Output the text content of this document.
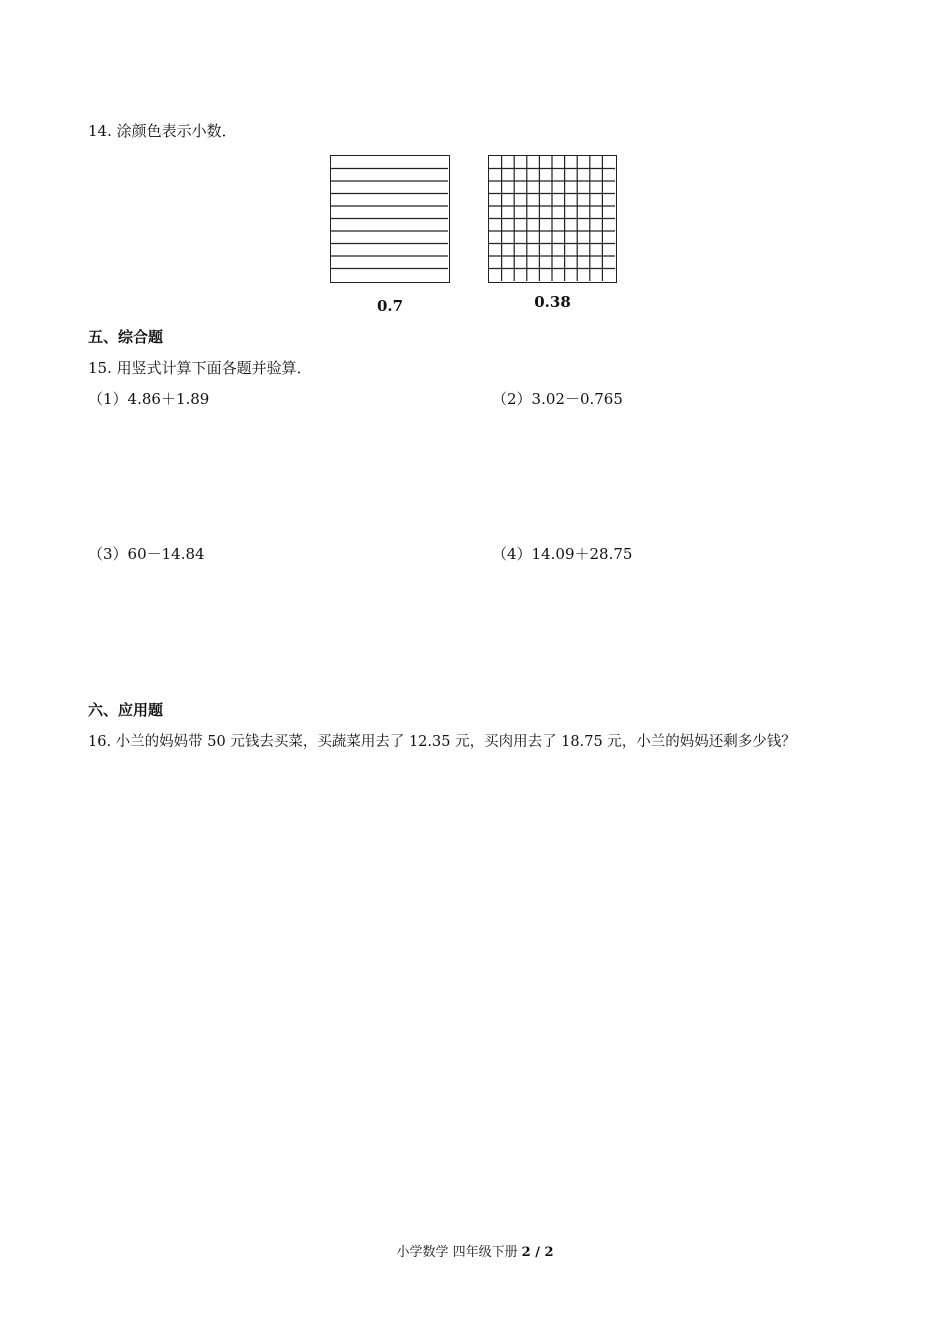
14. 涂颜色表示小数．
0.7	0.38
五、综合题
15. 用竖式计算下面各题并验算．
（1）4.86＋1.89	（2）3.02－0.765
（3）60－14.84	（4）14.09＋28.75
六、应用题
16. 小兰的妈妈带 50 元钱去买菜，买蔬菜用去了 12.35 元，买肉用去了 18.75 元，小兰的妈妈还剩多少钱？
小学数学 四年级下册 2 / 2
